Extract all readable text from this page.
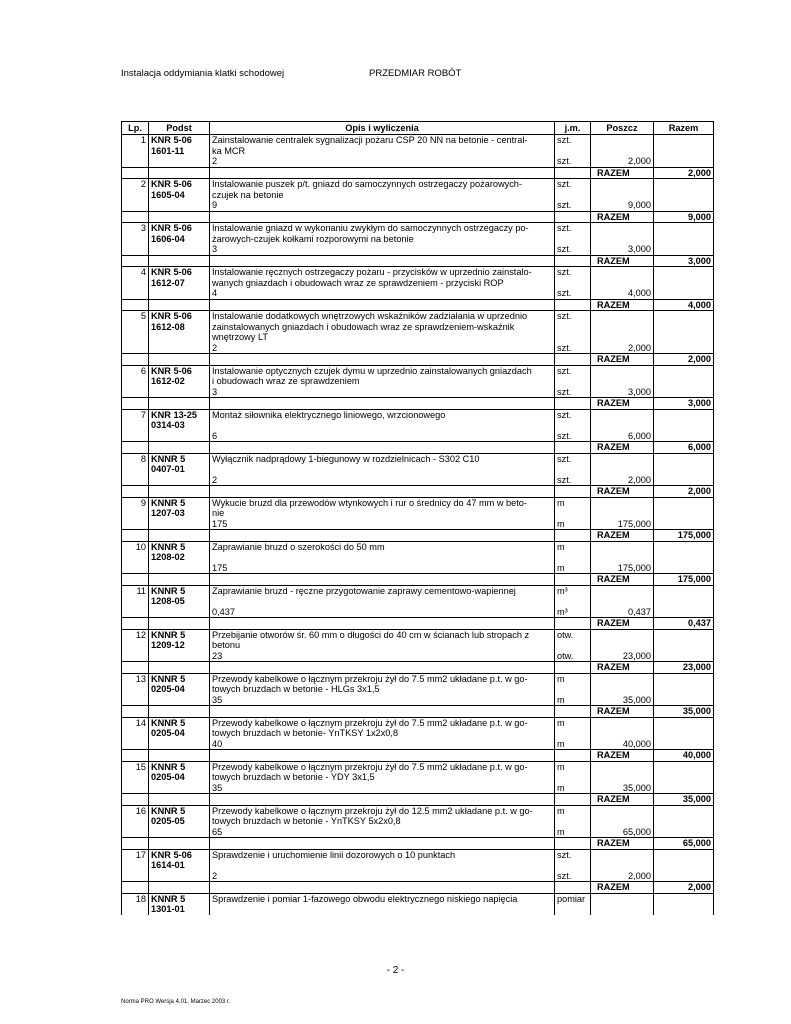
Instalacja oddymiania klatki schodowej	PRZEDMIAR ROBÓT
Lp.	Podst	Opis i wyliczenia	j.m.	Poszcz	Razem
1	KNR 5-06	Zainstalowanie centralek sygnalizacji pożaru CSP 20 NN na betonie - central-	szt.		
	1601-11	ka MCR			
		2	szt.	2,000	
				RAZEM	2,000
2	KNR 5-06	Instalowanie puszek p/t. gniazd do samoczynnych ostrzegaczy pożarowych-	szt.		
	1605-04	czujek na betonie			
		9	szt.	9,000	
				RAZEM	9,000
3	KNR 5-06	Instalowanie gniazd w wykonaniu zwykłym do samoczynnych ostrzegaczy po-	szt.		
	1606-04	żarowych-czujek kołkami rozporowymi na betonie			
		3	szt.	3,000	
				RAZEM	3,000
4	KNR 5-06	Instalowanie ręcznych ostrzegaczy pożaru - przycisków w uprzednio zainstalo-	szt.		
	1612-07	wanych gniazdach i obudowach wraz ze sprawdzeniem - przyciski ROP			
		4	szt.	4,000	
				RAZEM	4,000
5	KNR 5-06	Instalowanie dodatkowych wnętrzowych wskaźników zadziałania w uprzednio	szt.		
	1612-08	zainstalowanych gniazdach i obudowach wraz ze sprawdzeniem-wskaźnik			
		wnętrzowy LT			
		2	szt.	2,000	
				RAZEM	2,000
6	KNR 5-06	Instalowanie optycznych czujek dymu w uprzednio zainstalowanych gniazdach	szt.		
	1612-02	i obudowach wraz ze sprawdzeniem			
		3	szt.	3,000	
				RAZEM	3,000
7	KNR 13-25	Montaż siłownika elektrycznego liniowego, wrzcionowego	szt.		
	0314-03				
		6	szt.	6,000	
				RAZEM	6,000
8	KNNR 5	Wyłącznik nadprądowy 1-biegunowy w rozdzielnicach - S302 C10	szt.		
	0407-01				
		2	szt.	2,000	
				RAZEM	2,000
9	KNNR 5	Wykucie bruzd dla przewodów wtynkowych i rur o średnicy do 47 mm w beto-	m		
	1207-03	nie			
		175	m	175,000	
				RAZEM	175,000
10	KNNR 5	Zaprawianie bruzd o szerokości do 50 mm	m		
	1208-02				
		175	m	175,000	
				RAZEM	175,000
11	KNNR 5	Zaprawianie bruzd - ręczne przygotowanie zaprawy cementowo-wapiennej	m³		
	1208-05				
		0,437	m³	0,437	
				RAZEM	0,437
12	KNNR 5	Przebijanie otworów śr. 60 mm o długości do 40 cm w ścianach lub stropach z	otw.		
	1209-12	betonu			
		23	otw.	23,000	
				RAZEM	23,000
13	KNNR 5	Przewody kabelkowe o łącznym przekroju żył do 7.5 mm2 układane p.t. w go-	m		
	0205-04	towych bruzdach w betonie - HLGs 3x1,5			
		35	m	35,000	
				RAZEM	35,000
14	KNNR 5	Przewody kabelkowe o łącznym przekroju żył do 7.5 mm2 układane p.t. w go-	m		
	0205-04	towych bruzdach w betonie- YnTKSY 1x2x0,8			
		40	m	40,000	
				RAZEM	40,000
15	KNNR 5	Przewody kabelkowe o łącznym przekroju żył do 7.5 mm2 układane p.t. w go-	m		
	0205-04	towych bruzdach w betonie - YDY 3x1,5			
		35	m	35,000	
				RAZEM	35,000
16	KNNR 5	Przewody kabelkowe o łącznym przekroju żył do 12.5 mm2 układane p.t. w go-	m		
	0205-05	towych bruzdach w betonie - YnTKSY 5x2x0,8			
		65	m	65,000	
				RAZEM	65,000
17	KNR 5-06	Sprawdzenie i uruchomienie linii dozorowych o 10 punktach	szt.		
	1614-01				
		2	szt.	2,000	
				RAZEM	2,000
18	KNNR 5	Sprawdzenie i pomiar 1-fazowego obwodu elektrycznego niskiego napięcia	pomiar		
	1301-01				
- 2 -
Norma PRO Wersja 4.01, Marzec 2003 r.
